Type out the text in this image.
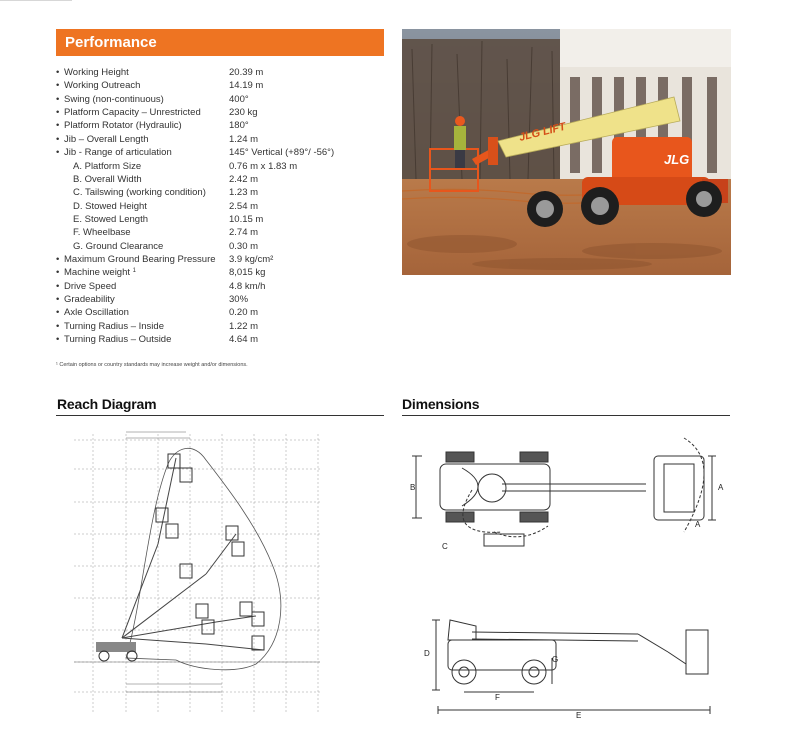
Performance
• Working Height	20.39 m
• Working Outreach	14.19 m
• Swing (non-continuous)	400°
• Platform Capacity – Unrestricted	230 kg
• Platform Rotator (Hydraulic)	180°
• Jib – Overall Length	1.24 m
• Jib - Range of articulation	145° Vertical (+89°/ -56°)
A. Platform Size	0.76 m x 1.83 m
B. Overall Width	2.42 m
C. Tailswing (working condition) 1.23 m
D. Stowed Height	2.54 m
E. Stowed Length	10.15 m
F. Wheelbase	2.74 m
G. Ground Clearance	0.30 m
• Maximum Ground Bearing Pressure 3.9 kg/cm²
• Machine weight $^1$	8,015 kg
• Drive Speed	4.8 km/h
• Gradeability	30%
• Axle Oscillation	0.20 m
• Turning Radius – Inside	1.22 m
• Turning Radius – Outside	4.64 m
¹ Certain options or country standards may increase weight and/or dimensions.
JLG LIFT
JLG
Reach Diagram	Dimensions
B
C
A
A
D
G
F
E
